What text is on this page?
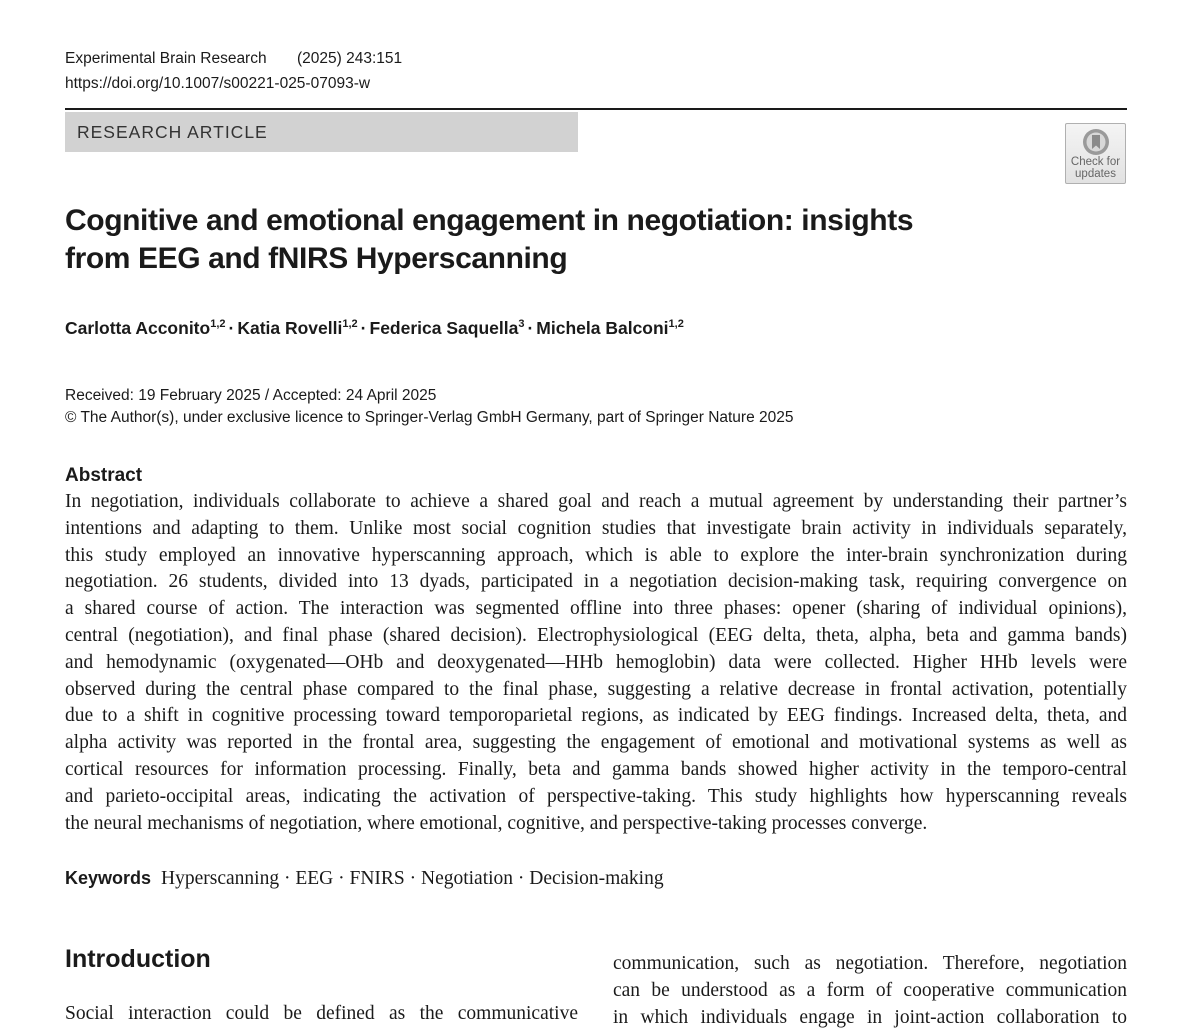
Experimental Brain Research (2025) 243:151
https://doi.org/10.1007/s00221-025-07093-w
RESEARCH ARTICLE
Check for
updates
Cognitive and emotional engagement in negotiation: insights
from EEG and fNIRS Hyperscanning
Carlotta Acconito$^{1,2}$ · Katia Rovelli$^{1,2}$ · Federica Saquella$^3$ · Michela Balconi$^{1,2}$
Received: 19 February 2025 / Accepted: 24 April 2025
© The Author(s), under exclusive licence to Springer-Verlag GmbH Germany, part of Springer Nature 2025
Abstract
In negotiation, individuals collaborate to achieve a shared goal and reach a mutual agreement by understanding their partner’s
intentions and adapting to them. Unlike most social cognition studies that investigate brain activity in individuals separately,
this study employed an innovative hyperscanning approach, which is able to explore the inter-brain synchronization during
negotiation. 26 students, divided into 13 dyads, participated in a negotiation decision-making task, requiring convergence on
a shared course of action. The interaction was segmented offline into three phases: opener (sharing of individual opinions),
central (negotiation), and final phase (shared decision). Electrophysiological (EEG delta, theta, alpha, beta and gamma bands)
and hemodynamic (oxygenated—OHb and deoxygenated—HHb hemoglobin) data were collected. Higher HHb levels were
observed during the central phase compared to the final phase, suggesting a relative decrease in frontal activation, potentially
due to a shift in cognitive processing toward temporoparietal regions, as indicated by EEG findings. Increased delta, theta, and
alpha activity was reported in the frontal area, suggesting the engagement of emotional and motivational systems as well as
cortical resources for information processing. Finally, beta and gamma bands showed higher activity in the temporo-central
and parieto-occipital areas, indicating the activation of perspective-taking. This study highlights how hyperscanning reveals
the neural mechanisms of negotiation, where emotional, cognitive, and perspective-taking processes converge.
Keywords Hyperscanning · EEG · FNIRS · Negotiation · Decision-making
Introduction
Social interaction could be defined as the communicative
communication, such as negotiation. Therefore, negotiation
can be understood as a form of cooperative communication
in which individuals engage in joint-action collaboration to
